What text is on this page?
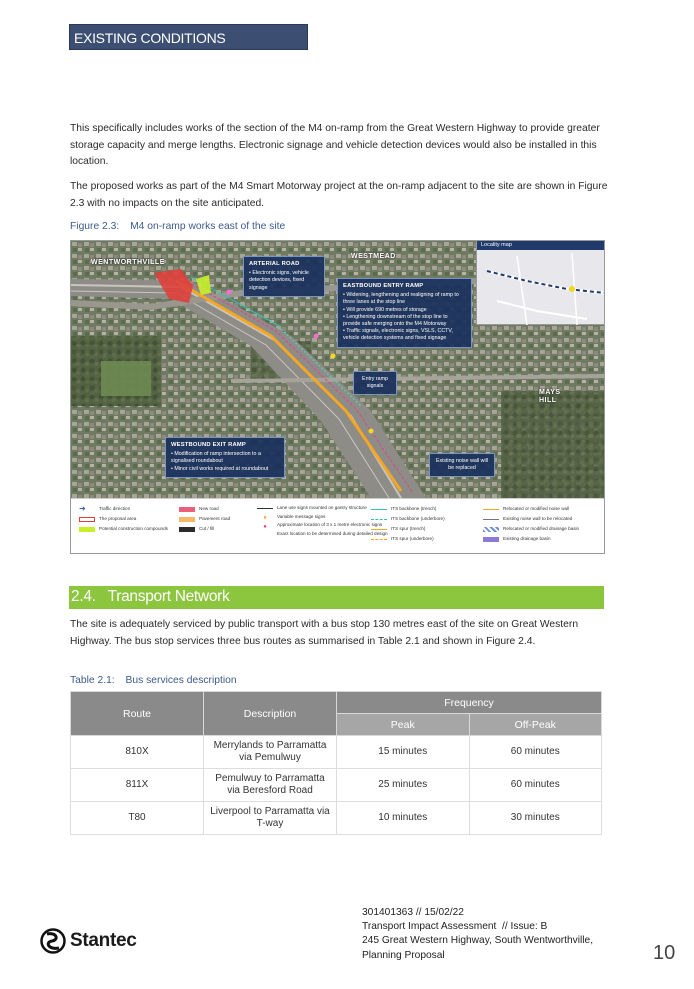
EXISTING CONDITIONS

This specifically includes works of the section of the M4 on-ramp from the Great Western Highway to provide greater storage capacity and merge lengths. Electronic signage and vehicle detection devices would also be installed in this location.

The proposed works as part of the M4 Smart Motorway project at the on-ramp adjacent to the site are shown in Figure 2.3 with no impacts on the site anticipated.

Figure 2.3: M4 on-ramp works east of the site
WENTWORTHVILLE
WESTMEAD
MAYS HILL
ARTERIAL ROAD
• Electronic signs, vehicle detection devices, fixed signage	EASTBOUND ENTRY RAMP
• Widening, lengthening and realigning of ramp to three lanes at the stop line
• Will provide 690 metres of storage
• Lengthening downstream of the stop line to provide safe merging onto the M4 Motorway
• Traffic signals, electronic signs, VSLS, CCTV, vehicle detection systems and fixed signage
Entry ramp signals
WESTBOUND EXIT RAMP
• Modification of ramp intersection to a signalised roundabout
• Minor civil works required at roundabout
Existing noise wall will be replaced
Locality map
➜	Traffic direction
The proposal area
Potential construction compounds
New road
Pavement road
Cut / fill
Lane use signs mounted on gantry structure
●	Variable message signs
●	Approximate location of 3 x 1 metre electronic signs
Exact location to be determined during detailed design
ITS backbone (trench)
ITS backbone (underbore)
ITS spur (trench)
ITS spur (underbore)
Relocated or modified noise wall
Existing noise wall to be relocated
Relocated or modified drainage basin
Existing drainage basin
2.4. Transport Network

The site is adequately serviced by public transport with a bus stop 130 metres east of the site on Great Western Highway. The bus stop services three bus routes as summarised in Table 2.1 and shown in Figure 2.4.

Table 2.1: Bus services description
Route	Description	Frequency	
		Peak	Off-Peak
810X	Merrylands to Parramatta via Pemulwuy	15 minutes	60 minutes
811X	Pemulwuy to Parramatta via Beresford Road	25 minutes	60 minutes
T80	Liverpool to Parramatta via T-way	10 minutes	30 minutes
Stantec
301401363 // 15/02/22
Transport Impact Assessment  // Issue: B
245 Great Western Highway, South Wentworthville,
Planning Proposal	10
